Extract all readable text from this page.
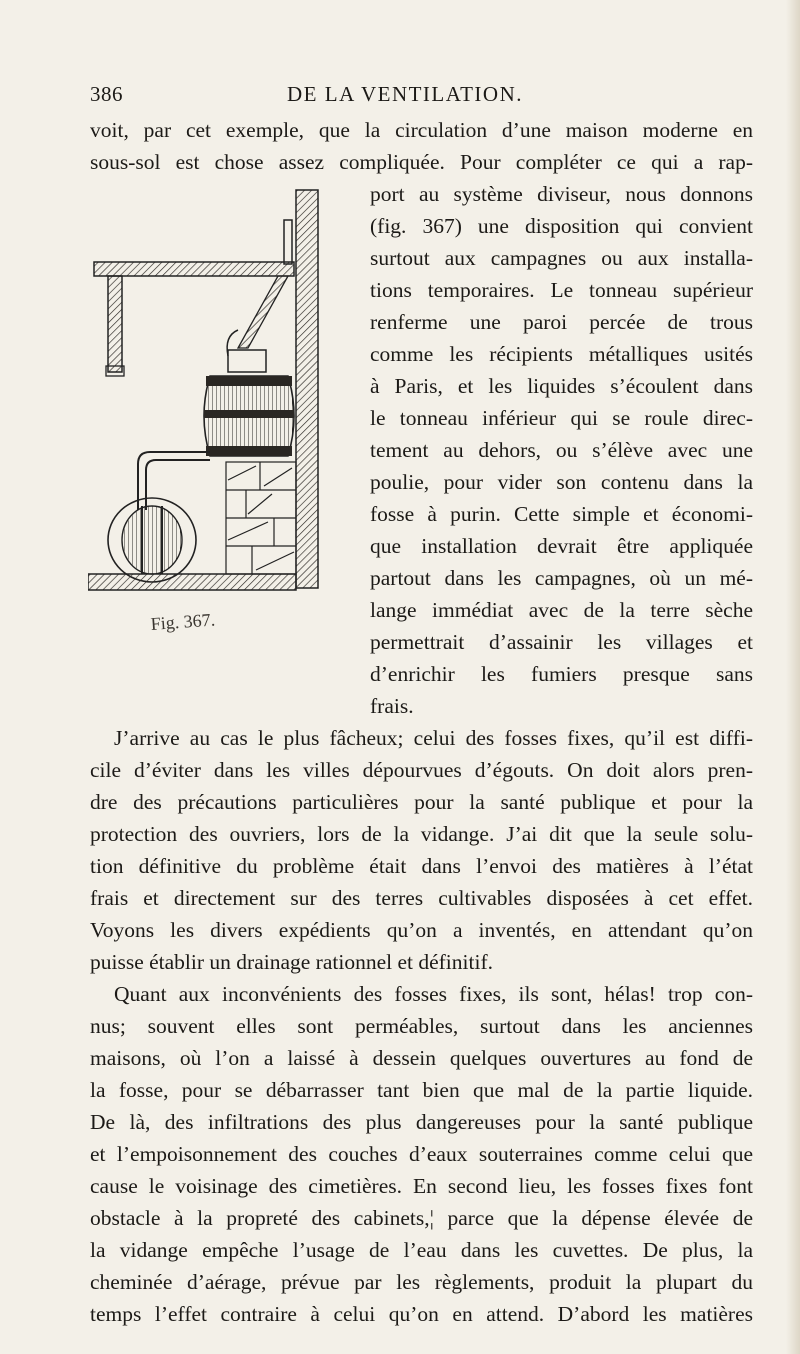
386	DE LA VENTILATION.
Fig. 367.
voit, par cet exemple, que la circulation d’une maison moderne en
sous-sol est chose assez compliquée. Pour compléter ce qui a rap-
port au système diviseur, nous donnons
(fig. 367) une disposition qui convient
surtout aux campagnes ou aux installa-
tions temporaires. Le tonneau supérieur
renferme une paroi percée de trous
comme les récipients métalliques usités
à Paris, et les liquides s’écoulent dans
le tonneau inférieur qui se roule direc-
tement au dehors, ou s’élève avec une
poulie, pour vider son contenu dans la
fosse à purin. Cette simple et économi-
que installation devrait être appliquée
partout dans les campagnes, où un mé-
lange immédiat avec de la terre sèche
permettrait d’assainir les villages et
d’enrichir les fumiers presque sans
frais.
J’arrive au cas le plus fâcheux; celui des fosses fixes, qu’il est diffi-
cile d’éviter dans les villes dépourvues d’égouts. On doit alors pren-
dre des précautions particulières pour la santé publique et pour la
protection des ouvriers, lors de la vidange. J’ai dit que la seule solu-
tion définitive du problème était dans l’envoi des matières à l’état
frais et directement sur des terres cultivables disposées à cet effet.
Voyons les divers expédients qu’on a inventés, en attendant qu’on
puisse établir un drainage rationnel et définitif.
Quant aux inconvénients des fosses fixes, ils sont, hélas! trop con-
nus; souvent elles sont perméables, surtout dans les anciennes
maisons, où l’on a laissé à dessein quelques ouvertures au fond de
la fosse, pour se débarrasser tant bien que mal de la partie liquide.
De là, des infiltrations des plus dangereuses pour la santé publique
et l’empoisonnement des couches d’eaux souterraines comme celui que
cause le voisinage des cimetières. En second lieu, les fosses fixes font
obstacle à la propreté des cabinets,¦ parce que la dépense élevée de
la vidange empêche l’usage de l’eau dans les cuvettes. De plus, la
cheminée d’aérage, prévue par les règlements, produit la plupart du
temps l’effet contraire à celui qu’on en attend. D’abord les matières
